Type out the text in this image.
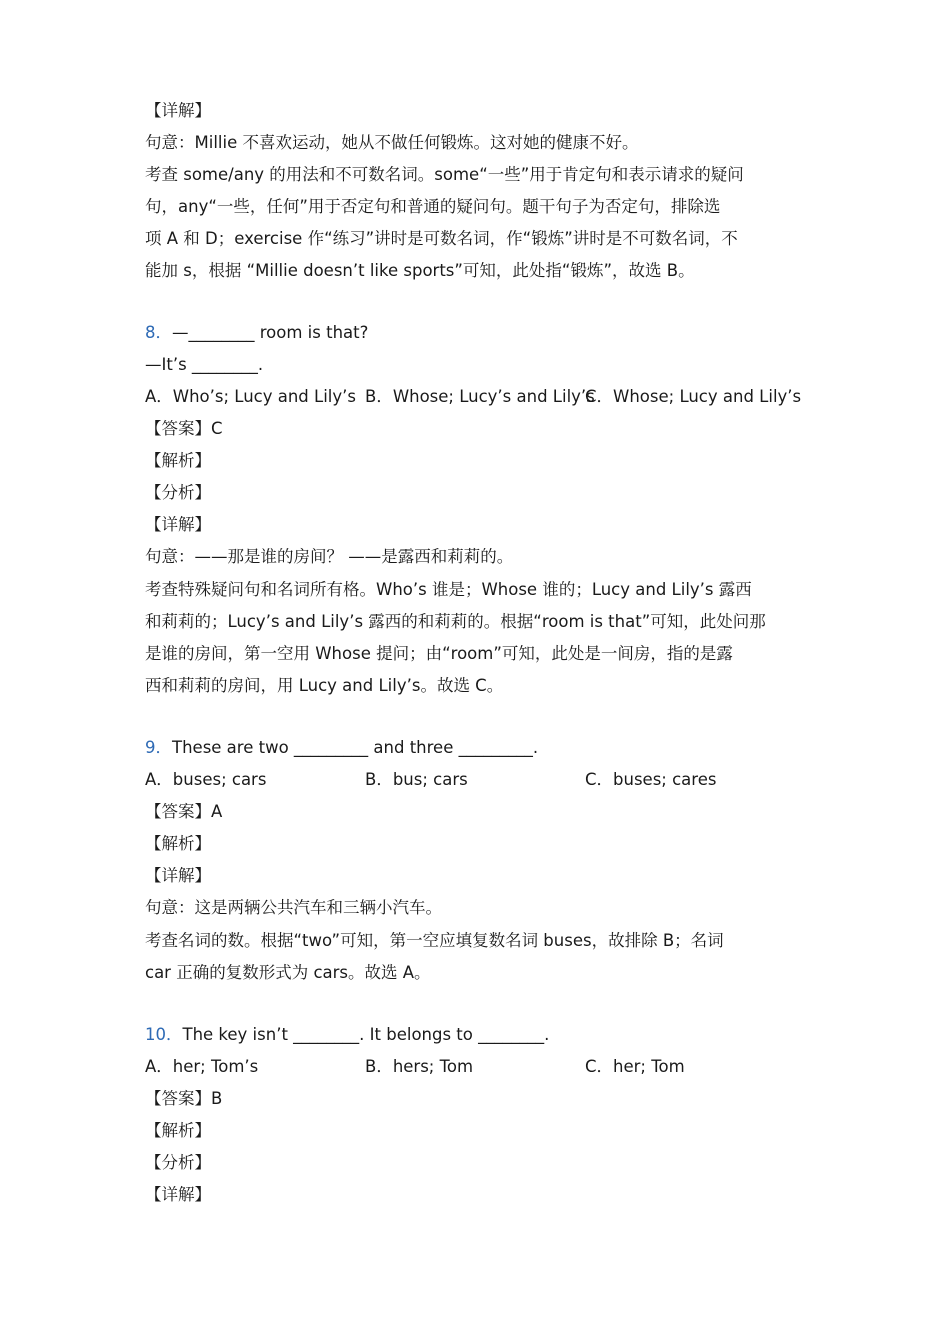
【详解】
句意：Millie 不喜欢运动，她从不做任何锻炼。这对她的健康不好。
考查 some/any 的用法和不可数名词。some“一些”用于肯定句和表示请求的疑问
句，any“一些，任何”用于否定句和普通的疑问句。题干句子为否定句，排除选
项 A 和 D；exercise 作“练习”讲时是可数名词，作“锻炼”讲时是不可数名词，不
能加 s，根据 “Millie doesn’t like sports”可知，此处指“锻炼”，故选 B。
8．—________ room is that?
—It’s ________.
A．Who’s; Lucy and Lily’s B．Whose; Lucy’s and Lily’s
C．Whose; Lucy and Lily’s
【答案】C
【解析】
【分析】
【详解】
句意：——那是谁的房间？ ——是露西和莉莉的。
考查特殊疑问句和名词所有格。Who’s 谁是；Whose 谁的；Lucy and Lily’s 露西
和莉莉的；Lucy’s and Lily’s 露西的和莉莉的。根据“room is that”可知，此处问那
是谁的房间，第一空用 Whose 提问；由“room”可知，此处是一间房，指的是露
西和莉莉的房间，用 Lucy and Lily’s。故选 C。
9．These are two _________ and three _________.
A．buses; cars	B．bus; cars	C．buses; cares
【答案】A
【解析】
【详解】
句意：这是两辆公共汽车和三辆小汽车。
考查名词的数。根据“two”可知，第一空应填复数名词 buses，故排除 B；名词
car 正确的复数形式为 cars。故选 A。
10．The key isn’t ________. It belongs to ________.
A．her; Tom’s	B．hers; Tom	C．her; Tom
【答案】B
【解析】
【分析】
【详解】
